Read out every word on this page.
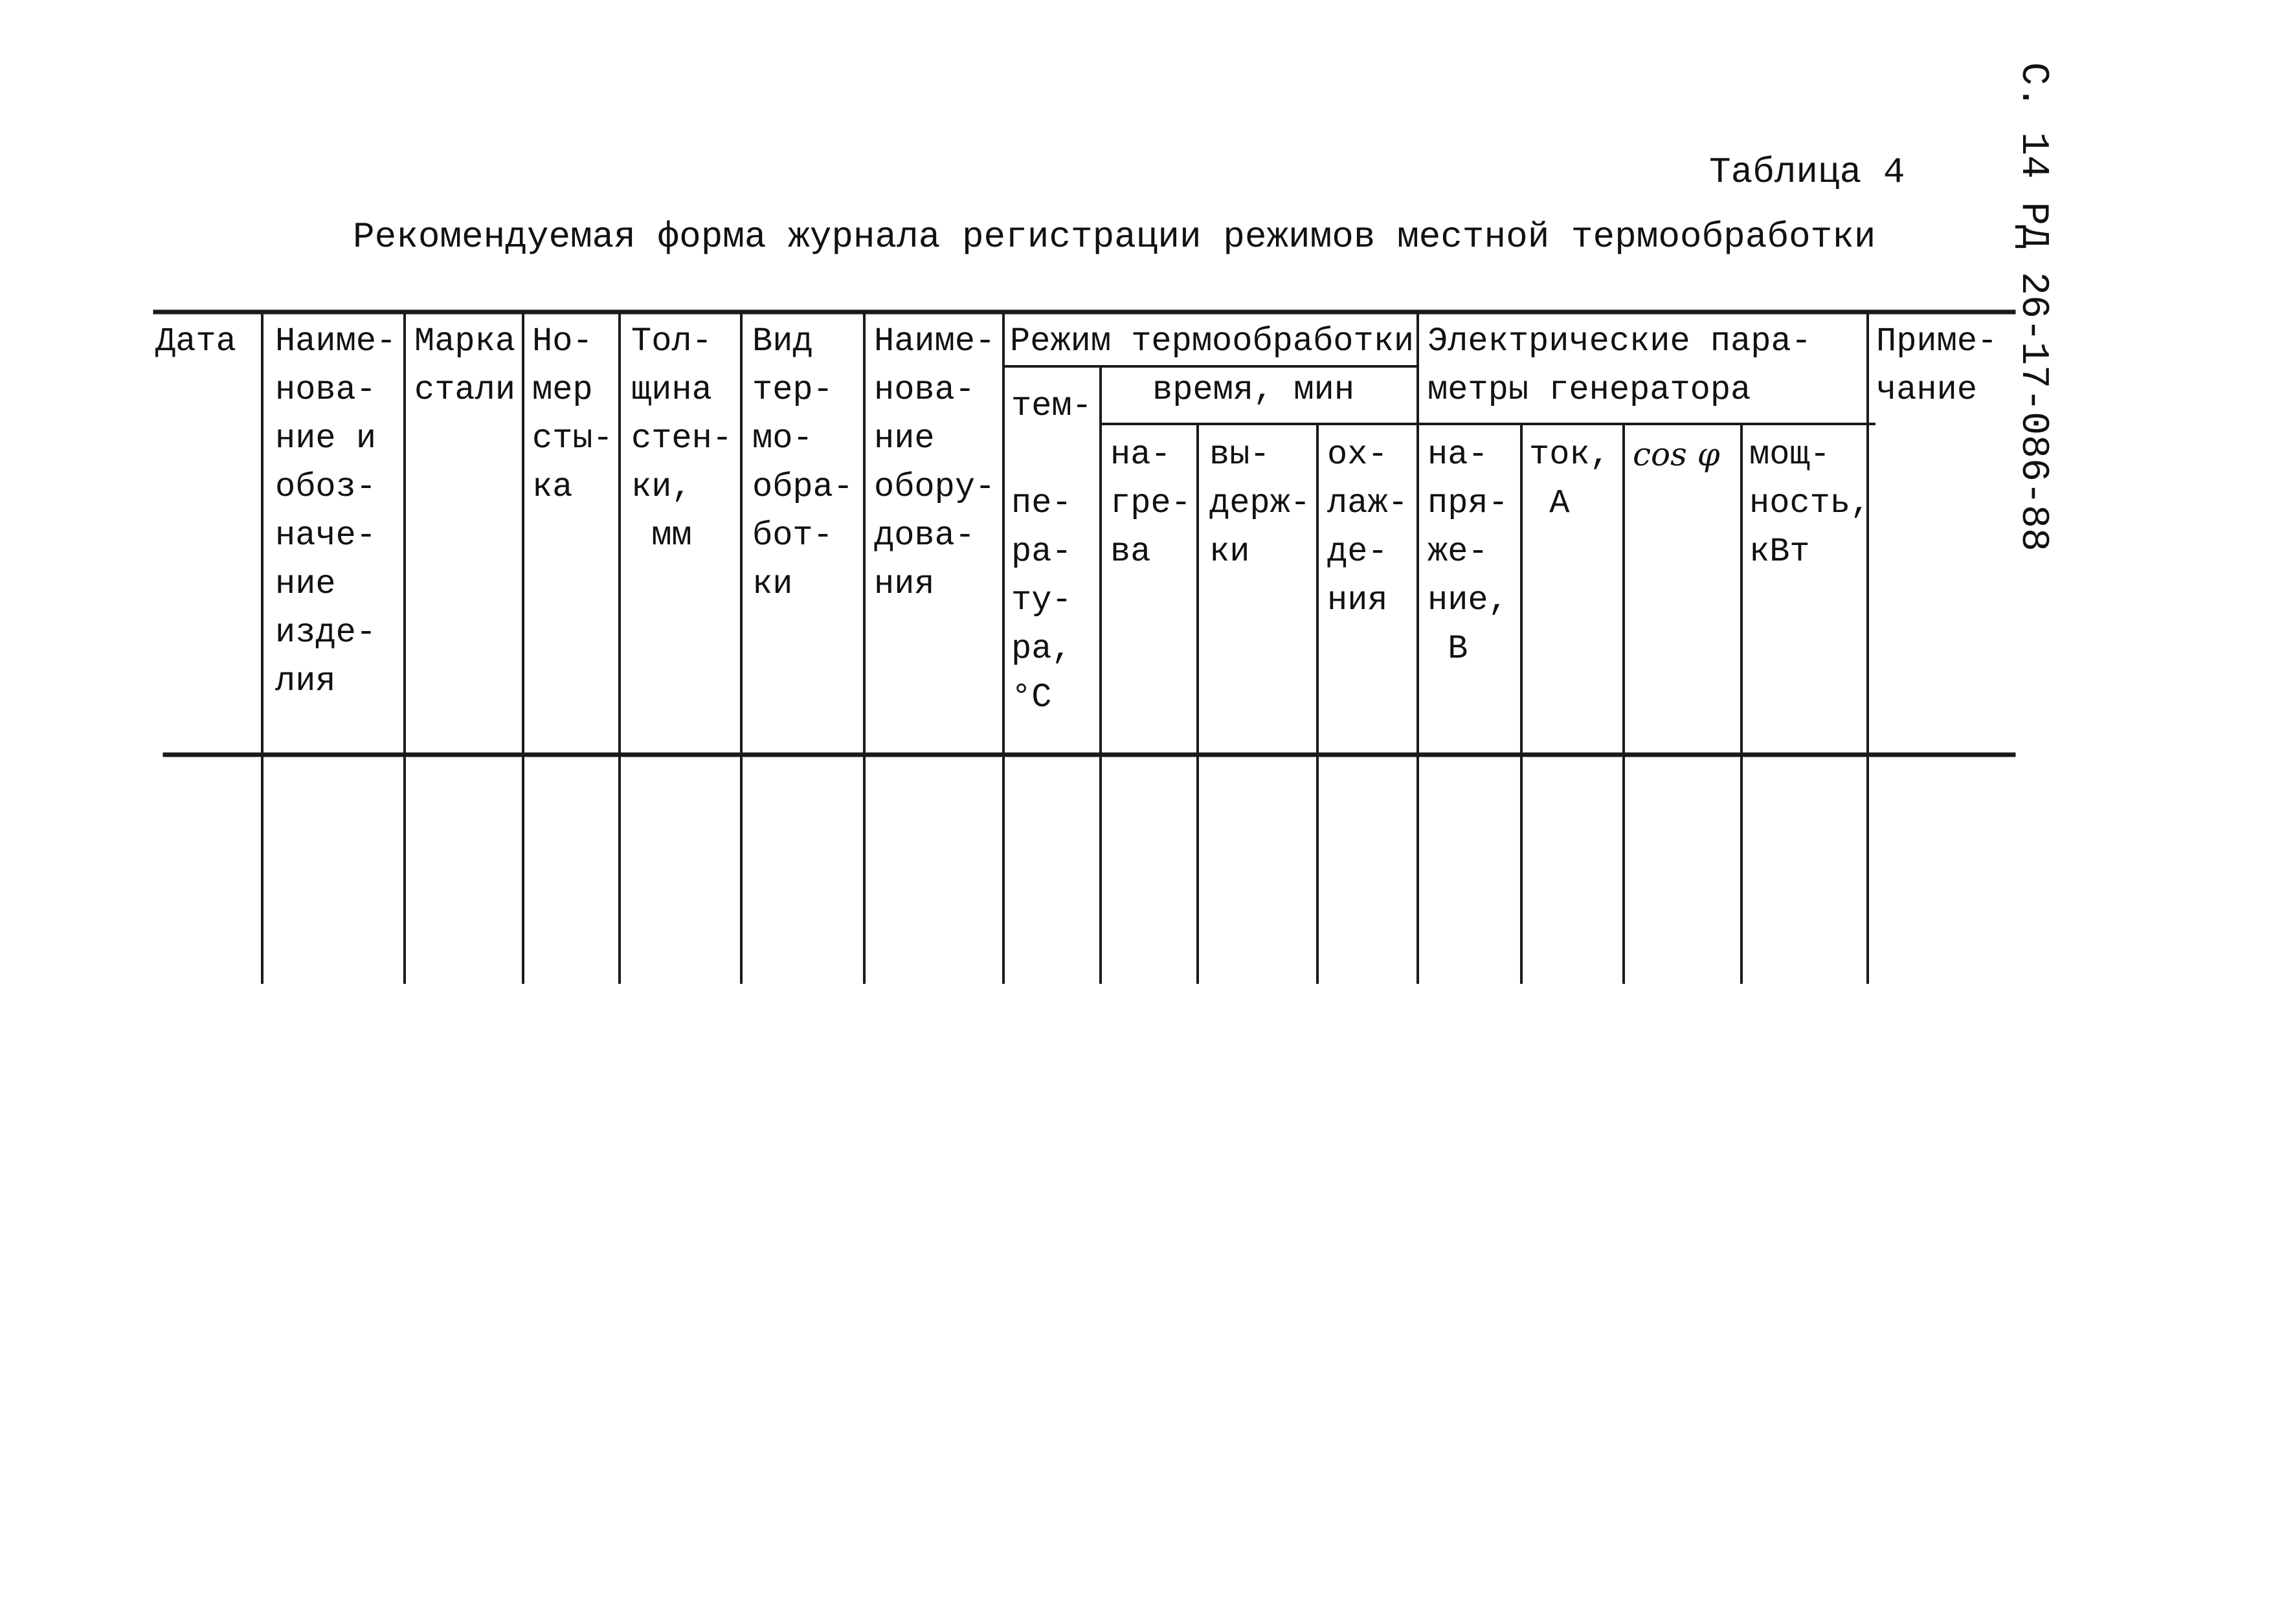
Таблица 4
Рекомендуемая форма журнала регистрации режимов местной термообработки	С. 14 РД 26-17-086-88
Режим термообработки
время, мин
Электрические пара-
метры генератора
Дата Наиме-
нова-
ние и
обоз-
наче-
ние
изде-
лия
Марка
стали
Но-
мер
сты-
ка
Тол-
щина
стен-
ки,
мм
Вид
тер-
мо-
обра-
бот-
ки
Наиме-
нова-
ние
обору-
дова-
ния
тем-

пе-
ра-
ту-
ра,
°C
на-
гре-
ва
вы-
держ-
ки
ох-
лаж-
де-
ния
на-
пря-
же-
ние,
В
ток,
А
cos φ мощ-
ность,
кВт
Приме-
чание
